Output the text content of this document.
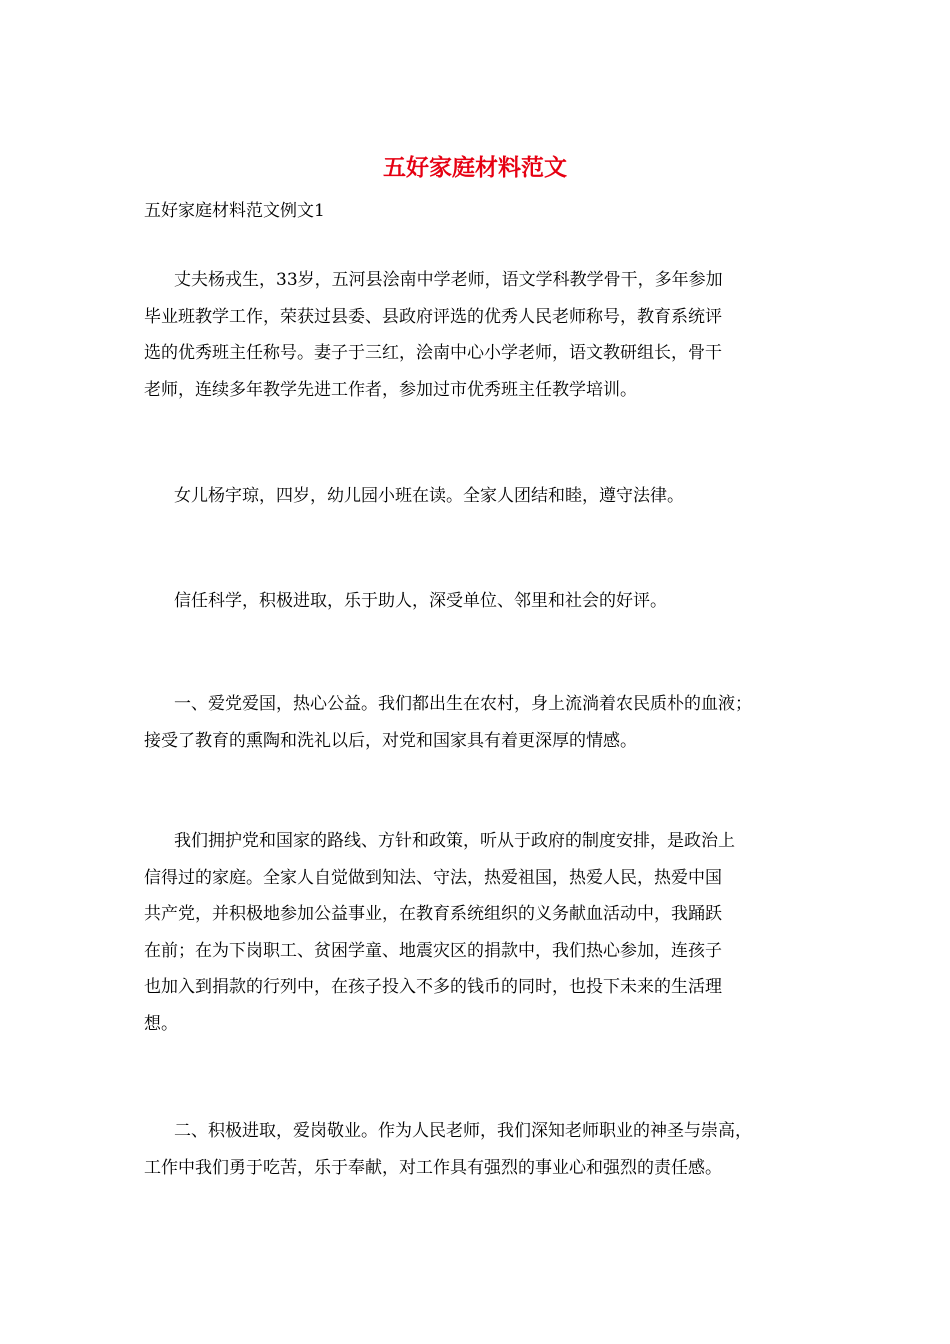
五好家庭材料范文
五好家庭材料范文例文1
丈夫杨戎生，33岁，五河县浍南中学老师，语文学科教学骨干，多年参加
毕业班教学工作，荣获过县委、县政府评选的优秀人民老师称号，教育系统评
选的优秀班主任称号。妻子于三红，浍南中心小学老师，语文教研组长，骨干
老师，连续多年教学先进工作者，参加过市优秀班主任教学培训。
女儿杨宇琼，四岁，幼儿园小班在读。全家人团结和睦，遵守法律。
信任科学，积极进取，乐于助人，深受单位、邻里和社会的好评。
一、爱党爱国，热心公益。我们都出生在农村，身上流淌着农民质朴的血液；
接受了教育的熏陶和洗礼以后，对党和国家具有着更深厚的情感。
我们拥护党和国家的路线、方针和政策，听从于政府的制度安排，是政治上
信得过的家庭。全家人自觉做到知法、守法，热爱祖国，热爱人民，热爱中国
共产党，并积极地参加公益事业，在教育系统组织的义务献血活动中，我踊跃
在前；在为下岗职工、贫困学童、地震灾区的捐款中，我们热心参加，连孩子
也加入到捐款的行列中，在孩子投入不多的钱币的同时，也投下未来的生活理
想。
二、积极进取，爱岗敬业。作为人民老师，我们深知老师职业的神圣与崇高，
工作中我们勇于吃苦，乐于奉献，对工作具有强烈的事业心和强烈的责任感。
